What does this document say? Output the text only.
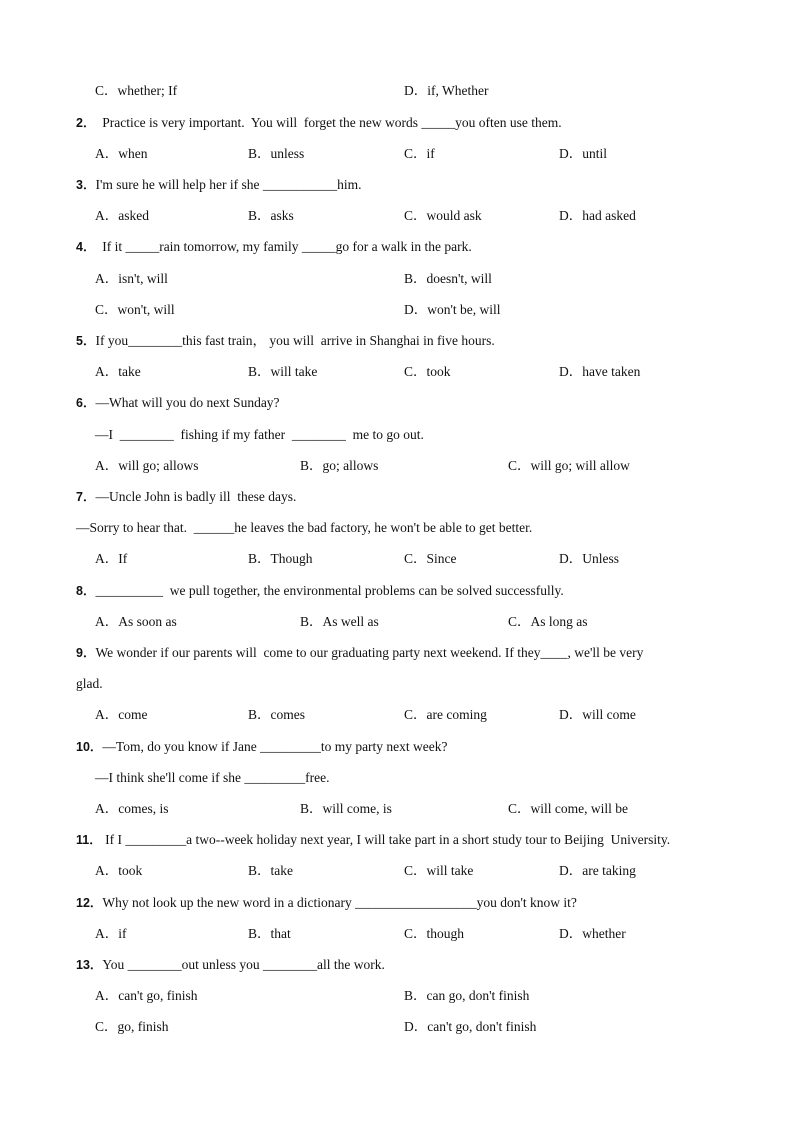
C．whether; If	D．if, Whether
2．  Practice is very important.  You will  forget the new words _____you often use them.
A．when	B．unless	C．if	D．until
3．I'm sure he will help her if she ___________him.
A．asked	B．asks	C．would ask	D．had asked
4．  If it _____rain tomorrow, my family _____go for a walk in the park.
A．isn't, will	B．doesn't, will
C．won't, will	D．won't be, will
5．If you________this fast train， you will  arrive in Shanghai in five hours.
A．take	B．will take	C．took	D．have taken
6．—What will you do next Sunday?
—I  ________  fishing if my father  ________  me to go out.
A．will go; allows	B．go; allows	C．will go; will allow
7．—Uncle John is badly ill  these days.
—Sorry to hear that.  ______he leaves the bad factory, he won't be able to get better.
A．If	B．Though	C．Since	D．Unless
8．__________  we pull together, the environmental problems can be solved successfully.
A．As soon as	B．As well as	C．As long as
9．We wonder if our parents will  come to our graduating party next weekend. If they____, we'll be very
glad.
A．come	B．comes	C．are coming	D．will come
10．—Tom, do you know if Jane _________to my party next week?
—I think she'll come if she _________free.
A．comes, is	B．will come, is	C．will come, will be
11． If I _________a two--week holiday next year, I will take part in a short study tour to Beijing  University.
A．took	B．take	C．will take	D．are taking
12．Why not look up the new word in a dictionary __________________you don't know it?
A．if	B．that	C．though	D．whether
13．You ________out unless you ________all the work.
A．can't go, finish	B．can go, don't finish
C．go, finish	D．can't go, don't finish
